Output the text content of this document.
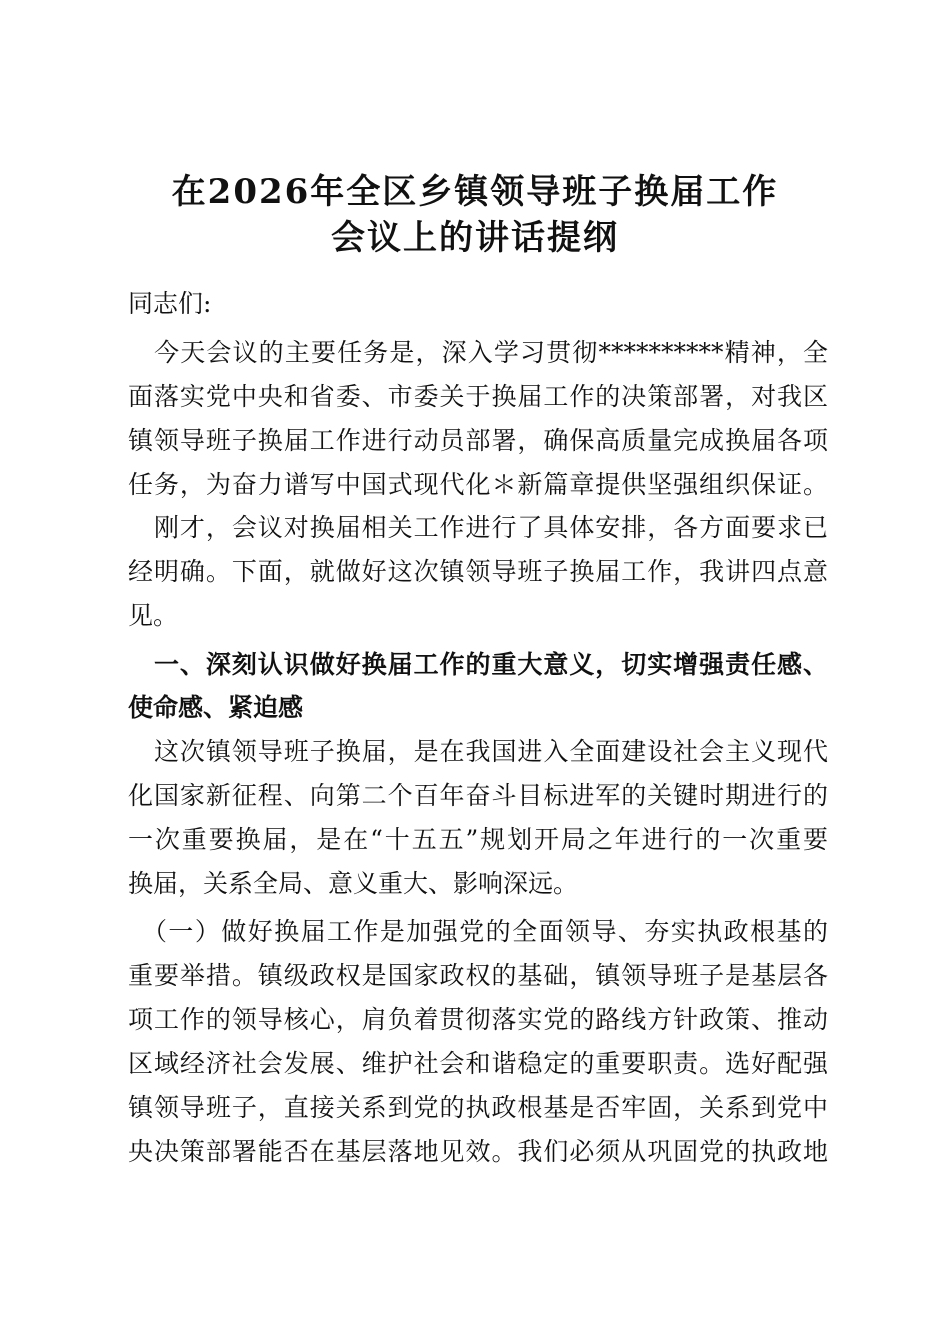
在2026年全区乡镇领导班子换届工作
会议上的讲话提纲
同志们:
　今天会议的主要任务是，深入学习贯彻**********精神，全
面落实党中央和省委、市委关于换届工作的决策部署，对我区
镇领导班子换届工作进行动员部署，确保高质量完成换届各项
任务，为奋力谱写中国式现代化＊新篇章提供坚强组织保证。
　刚才，会议对换届相关工作进行了具体安排，各方面要求已
经明确。下面，就做好这次镇领导班子换届工作，我讲四点意
见。
　一、深刻认识做好换届工作的重大意义，切实增强责任感、
使命感、紧迫感
　这次镇领导班子换届，是在我国进入全面建设社会主义现代
化国家新征程、向第二个百年奋斗目标进军的关键时期进行的
一次重要换届，是在“十五五”规划开局之年进行的一次重要
换届，关系全局、意义重大、影响深远。
　（一）做好换届工作是加强党的全面领导、夯实执政根基的
重要举措。镇级政权是国家政权的基础，镇领导班子是基层各
项工作的领导核心，肩负着贯彻落实党的路线方针政策、推动
区域经济社会发展、维护社会和谐稳定的重要职责。选好配强
镇领导班子，直接关系到党的执政根基是否牢固，关系到党中
央决策部署能否在基层落地见效。我们必须从巩固党的执政地
